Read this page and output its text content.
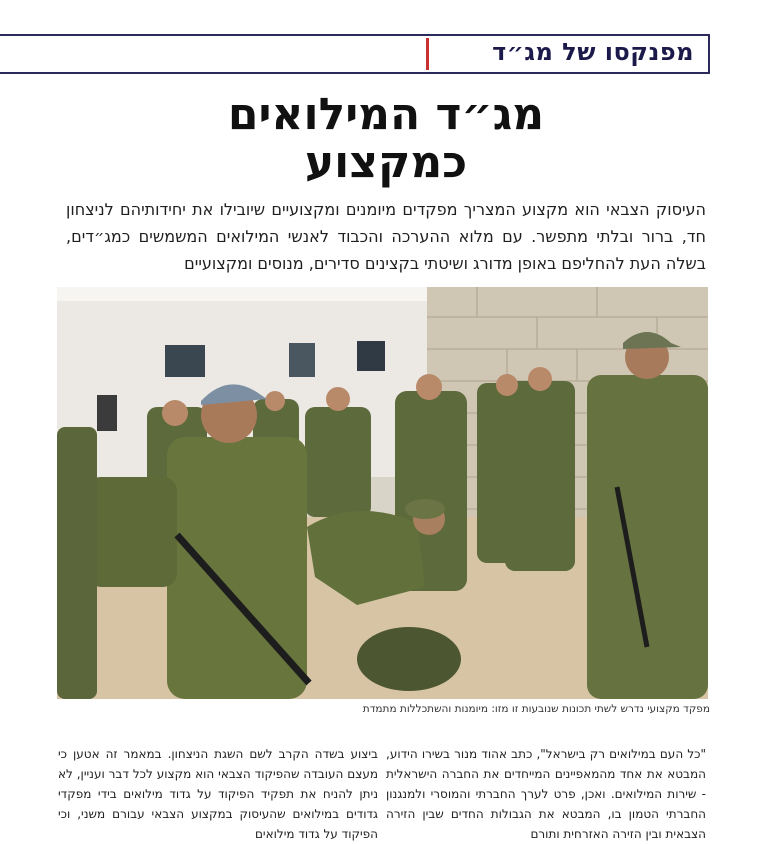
מפנקסו של מג״ד
מג״ד המילואים
כמקצוע
העיסוק הצבאי הוא מקצוע המצריך מפקדים מיומנים ומקצועיים שיובילו את יחידותיהם לניצחון חד, ברור ובלתי מתפשר. עם מלוא ההערכה והכבוד לאנשי המילואים המשמשים כמג״דים, בשלה העת להחליפם באופן מדורג ושיטתי בקצינים סדירים, מנוסים ומקצועיים
מפקד מקצועי נדרש לשתי תכונות שנובעות זו מזו: מיומנות והשתכללות מתמדת
"כל העם במילואים רק בישראל", כתב אהוד מנור בשירו הידוע, המבטא את אחד מהמאפיינים המייחדים את החברה הישראלית - שירות המילואים. ואכן, פרט לערך החברתי והמוסרי ולמנגנון החברתי הטמון בו, המבטא את הגבולות החדים שבין הזירה הצבאית ובין הזירה האזרחית ותורם
ביצוע בשדה הקרב לשם השגת הניצחון. במאמר זה אטען כי מעצם העובדה שהפיקוד הצבאי הוא מקצוע לכל דבר ועניין, לא ניתן להניח את תפקיד הפיקוד על גדוד מילואים בידי מפקדי גדודים במילואים שהעיסוק במקצוע הצבאי עבורם משני, וכי הפיקוד על גדוד מילואים
